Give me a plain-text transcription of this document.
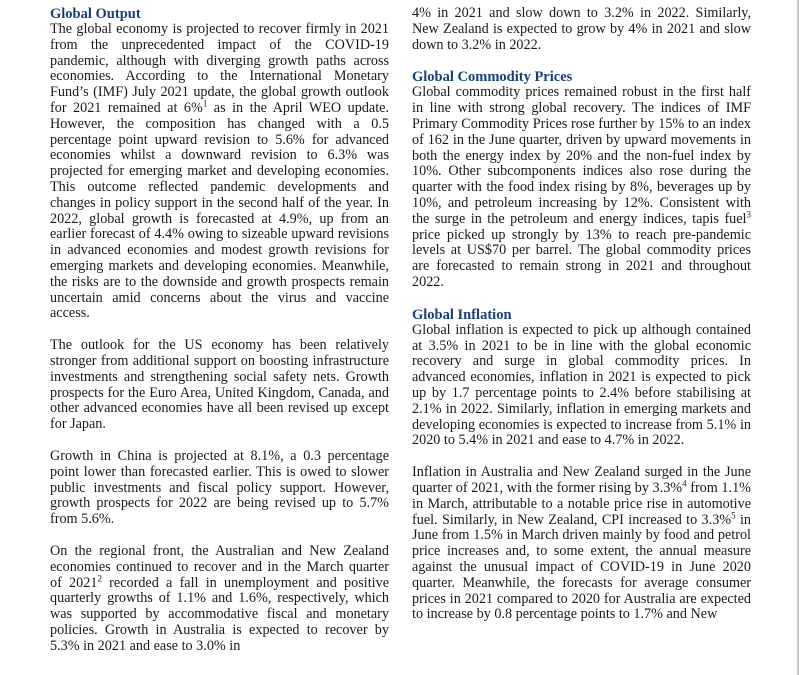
Global Output

The global economy is projected to recover firmly in 2021 from the unprecedented impact of the COVID-19 pandemic, although with diverging growth paths across economies. According to the International Monetary Fund’s (IMF) July 2021 update, the global growth outlook for 2021 remained at 6%$^1$ as in the April WEO update. However, the composition has changed with a 0.5 percentage point upward revision to 5.6% for advanced economies whilst a downward revision to 6.3% was projected for emerging market and developing economies. This outcome reflected pandemic developments and changes in policy support in the second half of the year. In 2022, global growth is forecasted at 4.9%, up from an earlier forecast of 4.4% owing to sizeable upward revisions in advanced economies and modest growth revisions for emerging markets and developing economies. Meanwhile, the risks are to the downside and growth prospects remain uncertain amid concerns about the virus and vaccine access.

The outlook for the US economy has been relatively stronger from additional support on boosting infrastructure investments and strengthening social safety nets. Growth prospects for the Euro Area, United Kingdom, Canada, and other advanced economies have all been revised up except for Japan.

Growth in China is projected at 8.1%, a 0.3 percentage point lower than forecasted earlier. This is owed to slower public investments and fiscal policy support. However, growth prospects for 2022 are being revised up to 5.7% from 5.6%.

On the regional front, the Australian and New Zealand economies continued to recover and in the March quarter of 2021$^2$ recorded a fall in unemployment and positive quarterly growths of 1.1% and 1.6%, respectively, which was supported by accommodative fiscal and monetary policies. Growth in Australia is expected to recover by 5.3% in 2021 and ease to 3.0% in

4% in 2021 and slow down to 3.2% in 2022. Similarly, New Zealand is expected to grow by 4% in 2021 and slow down to 3.2% in 2022.

Global Commodity Prices

Global commodity prices remained robust in the first half in line with strong global recovery. The indices of IMF Primary Commodity Prices rose further by 15% to an index of 162 in the June quarter, driven by upward movements in both the energy index by 20% and the non-fuel index by 10%. Other subcomponents indices also rose during the quarter with the food index rising by 8%, beverages up by 10%, and petroleum increasing by 12%. Consistent with the surge in the petroleum and energy indices, tapis fuel$^3$ price picked up strongly by 13% to reach pre-pandemic levels at US$70 per barrel. The global commodity prices are forecasted to remain strong in 2021 and throughout 2022.

Global Inflation

Global inflation is expected to pick up although contained at 3.5% in 2021 to be in line with the global economic recovery and surge in global commodity prices. In advanced economies, inflation in 2021 is expected to pick up by 1.7 percentage points to 2.4% before stabilising at 2.1% in 2022. Similarly, inflation in emerging markets and developing economies is expected to increase from 5.1% in 2020 to 5.4% in 2021 and ease to 4.7% in 2022.

Inflation in Australia and New Zealand surged in the June quarter of 2021, with the former rising by 3.3%$^4$ from 1.1% in March, attributable to a notable price rise in automotive fuel. Similarly, in New Zealand, CPI increased to 3.3%$^5$ in June from 1.5% in March driven mainly by food and petrol price increases and, to some extent, the annual measure against the unusual impact of COVID-19 in June 2020 quarter. Meanwhile, the forecasts for average consumer prices in 2021 compared to 2020 for Australia are expected to increase by 0.8 percentage points to 1.7% and New
